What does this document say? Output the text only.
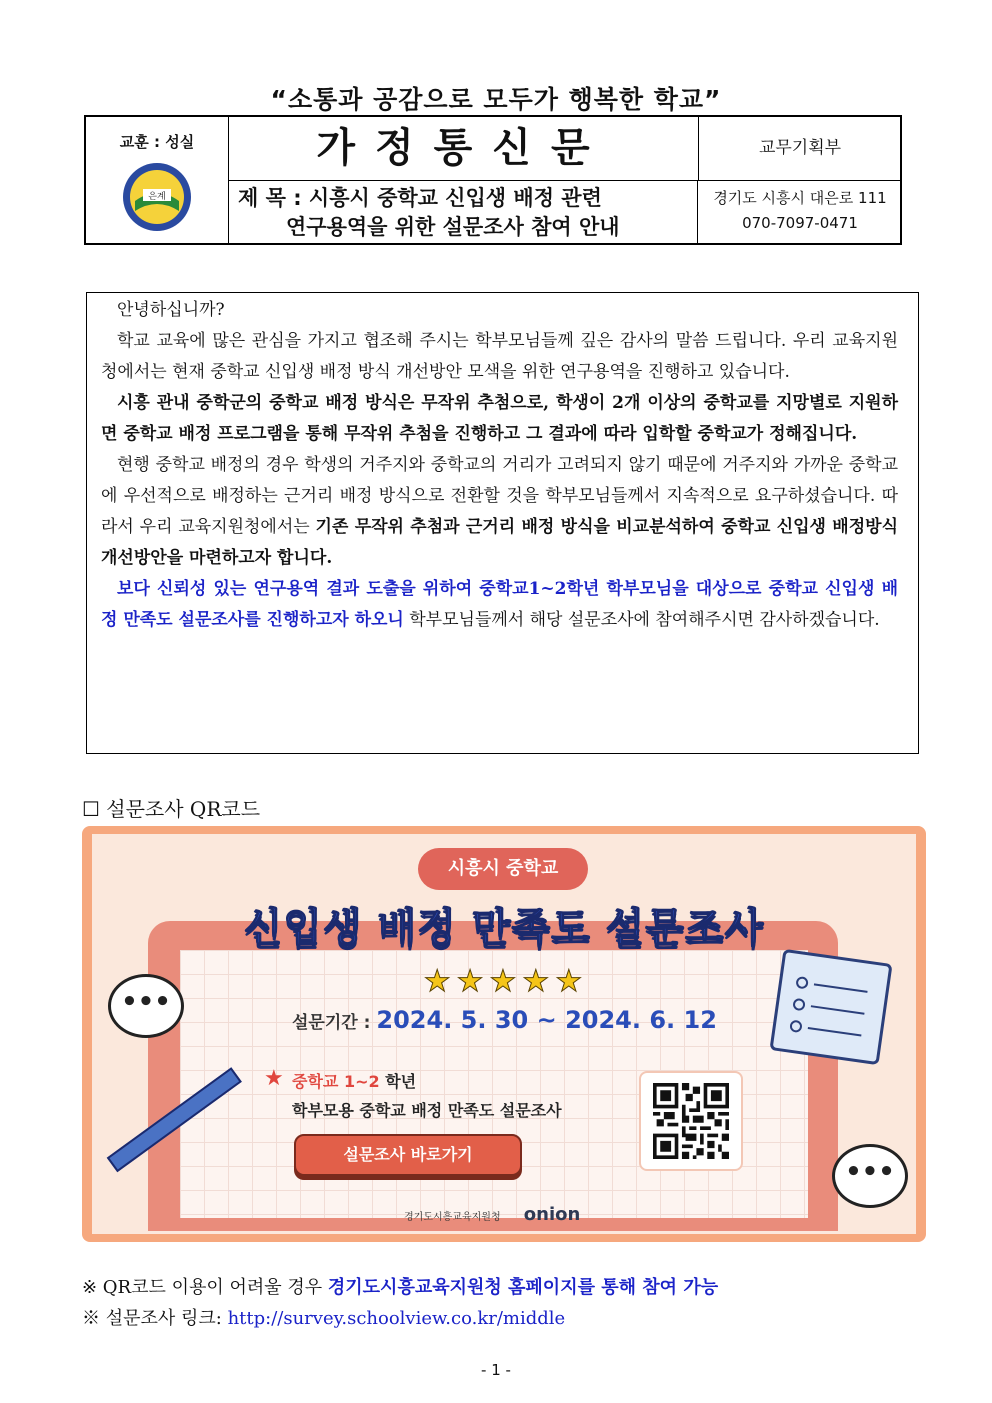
“소통과 공감으로 모두가 행복한 학교”
교훈 : 성실
은계
가정통신문
제 목 : 시흥시 중학교 신입생 배정 관련
연구용역을 위한 설문조사 참여 안내
교무기획부
경기도 시흥시 대은로 111
070-7097-0471

안녕하십니까?

학교 교육에 많은 관심을 가지고 협조해 주시는 학부모님들께 깊은 감사의 말씀 드립니다. 우리 교육지원청에서는 현재 중학교 신입생 배정 방식 개선방안 모색을 위한 연구용역을 진행하고 있습니다.

시흥 관내 중학군의 중학교 배정 방식은 무작위 추첨으로, 학생이 2개 이상의 중학교를 지망별로 지원하면 중학교 배정 프로그램을 통해 무작위 추첨을 진행하고 그 결과에 따라 입학할 중학교가 정해집니다.

현행 중학교 배정의 경우 학생의 거주지와 중학교의 거리가 고려되지 않기 때문에 거주지와 가까운 중학교에 우선적으로 배정하는 근거리 배정 방식으로 전환할 것을 학부모님들께서 지속적으로 요구하셨습니다. 따라서 우리 교육지원청에서는 기존 무작위 추첨과 근거리 배정 방식을 비교분석하여 중학교 신입생 배정방식 개선방안을 마련하고자 합니다.

보다 신뢰성 있는 연구용역 결과 도출을 위하여 중학교1~2학년 학부모님을 대상으로 중학교 신입생 배정 만족도 설문조사를 진행하고자 하오니 학부모님들께서 해당 설문조사에 참여해주시면 감사하겠습니다.

☐ 설문조사 QR코드
시흥시 중학교
신입생 배정 만족도 설문조사
★★★★★
설문기간 : 2024. 5. 30 ~ 2024. 6. 12
★ 중학교 1~2 학년
학부모용 중학교 배정 만족도 설문조사
설문조사 바로가기
•••
•••
경기도시흥교육지원청 onion
※ QR코드 이용이 어려울 경우 경기도시흥교육지원청 홈페이지를 통해 참여 가능
※ 설문조사 링크: http://survey.schoolview.co.kr/middle
- 1 -
